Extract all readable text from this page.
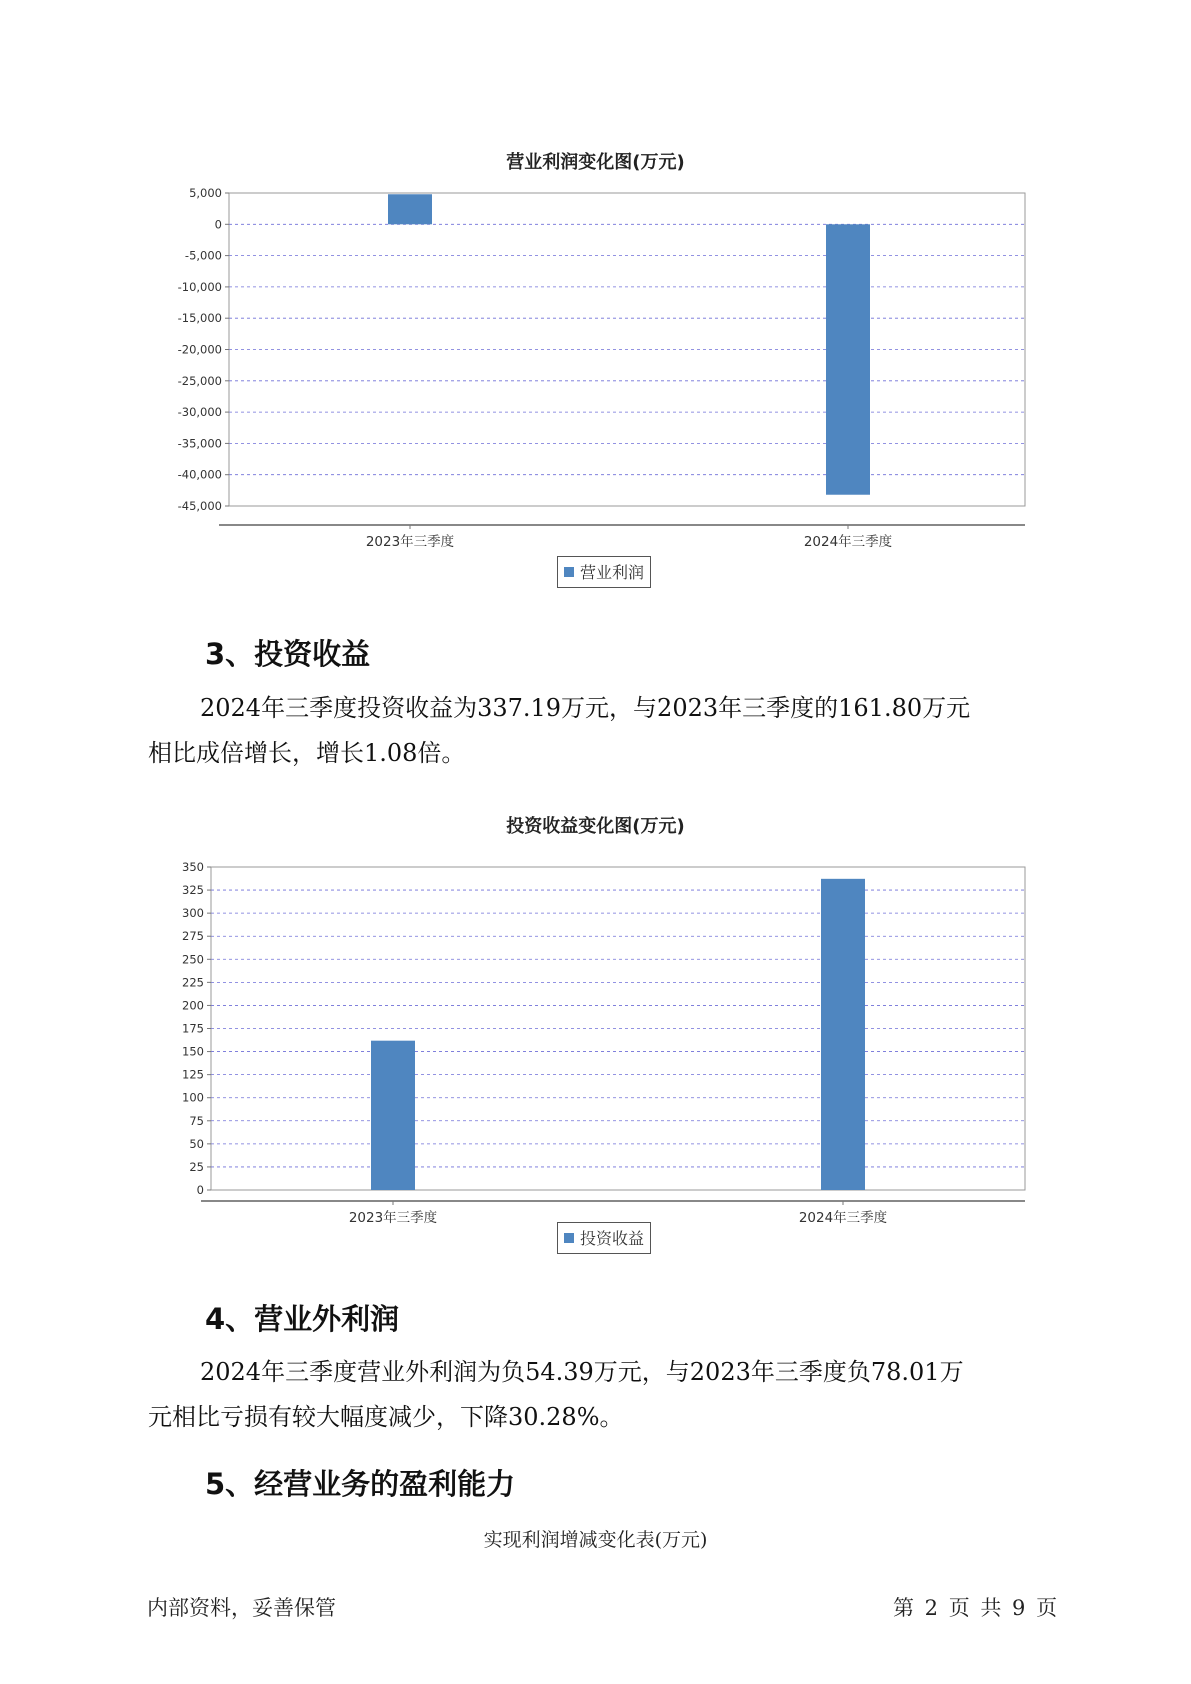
营业利润变化图(万元)
5,000
0
-5,000
-10,000
-15,000
-20,000
-25,000
-30,000
-35,000
-40,000
-45,000
2023年三季度	2024年三季度
营业利润
3、投资收益

2024年三季度投资收益为337.19万元，与2023年三季度的161.80万元
相比成倍增长，增长1.08倍。

投资收益变化图(万元)
350
325
300
275
250
225
200
175
150
125
100
75
50
25
0
2023年三季度	2024年三季度
投资收益
4、营业外利润

2024年三季度营业外利润为负54.39万元，与2023年三季度负78.01万
元相比亏损有较大幅度减少，下降30.28%。

5、经营业务的盈利能力
实现利润增减变化表(万元)
内部资料，妥善保管	第 2 页 共 9 页
